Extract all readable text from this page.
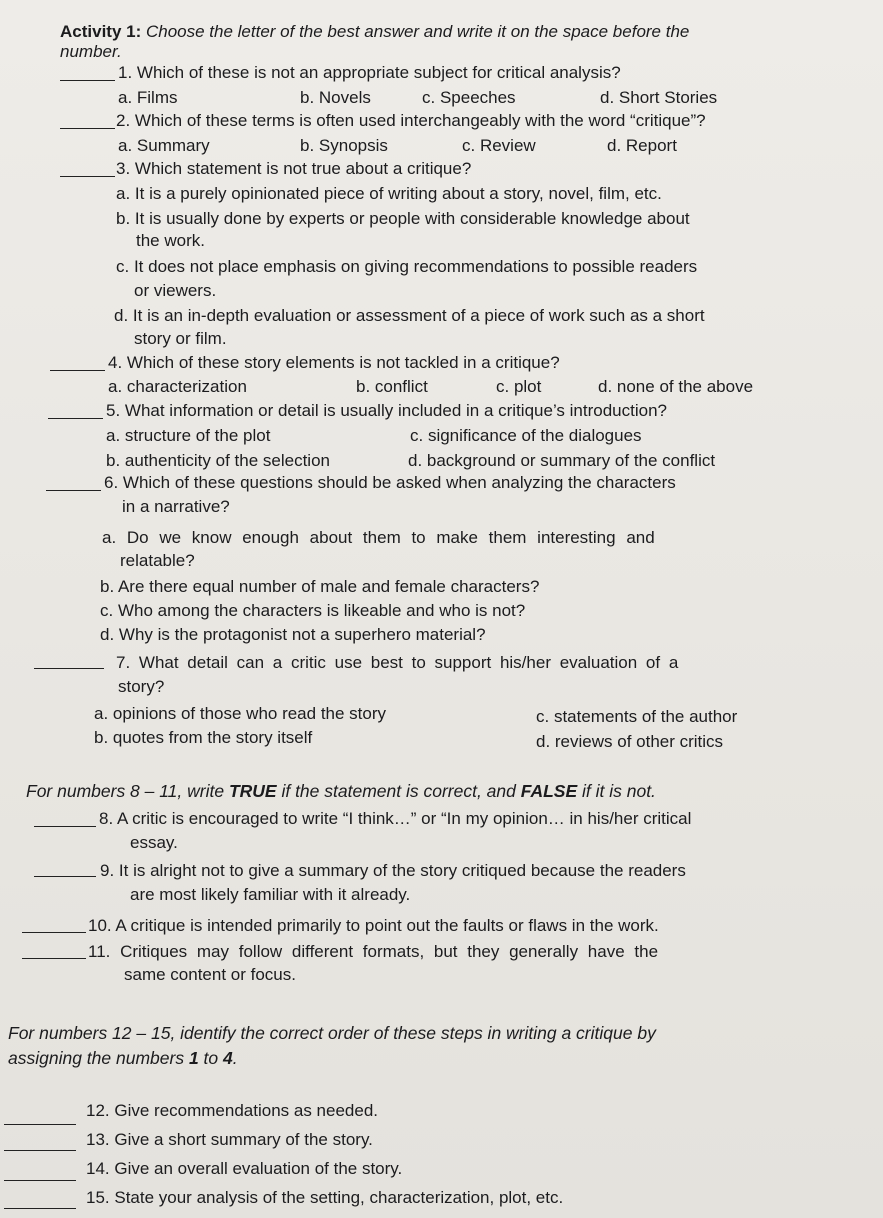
Activity 1: Choose the letter of the best answer and write it on the space before the
number.
1. Which of these is not an appropriate subject for critical analysis?
a. Films	b. Novels	c. Speeches	d. Short Stories
2. Which of these terms is often used interchangeably with the word “critique”?
a. Summary	b. Synopsis	c. Review	d. Report
3. Which statement is not true about a critique?
a. It is a purely opinionated piece of writing about a story, novel, film, etc.
b. It is usually done by experts or people with considerable knowledge about
the work.
c. It does not place emphasis on giving recommendations to possible readers
or viewers.
d. It is an in-depth evaluation or assessment of a piece of work such as a short
story or film.
4. Which of these story elements is not tackled in a critique?
a. characterization	b. conflict	c. plot	d. none of the above
5. What information or detail is usually included in a critique’s introduction?
a. structure of the plot	c. significance of the dialogues
b. authenticity of the selection	d. background or summary of the conflict
6. Which of these questions should be asked when analyzing the characters
in a narrative?
a. Do we know enough about them to make them interesting and
relatable?
b. Are there equal number of male and female characters?
c. Who among the characters is likeable and who is not?
d. Why is the protagonist not a superhero material?
7. What detail can a critic use best to support his/her evaluation of a
story?
a. opinions of those who read the story	c. statements of the author
b. quotes from the story itself	d. reviews of other critics
For numbers 8 – 11, write TRUE if the statement is correct, and FALSE if it is not.
8. A critic is encouraged to write “I think…” or “In my opinion… in his/her critical
essay.
9. It is alright not to give a summary of the story critiqued because the readers
are most likely familiar with it already.
10. A critique is intended primarily to point out the faults or flaws in the work.
11. Critiques may follow different formats, but they generally have the
same content or focus.
For numbers 12 – 15, identify the correct order of these steps in writing a critique by
assigning the numbers 1 to 4.
12. Give recommendations as needed.
13. Give a short summary of the story.
14. Give an overall evaluation of the story.
15. State your analysis of the setting, characterization, plot, etc.
